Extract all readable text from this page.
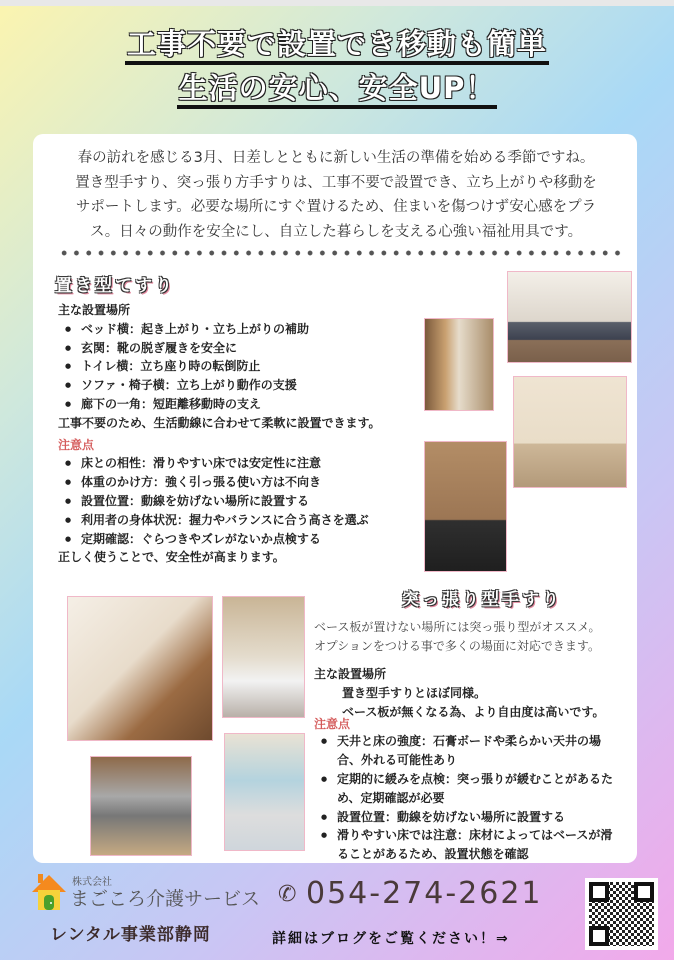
工事不要で設置でき移動も簡単
生活の安心、安全UP！
春の訪れを感じる3月、日差しとともに新しい生活の準備を始める季節ですね。
置き型手すり、突っ張り方手すりは、工事不要で設置でき、立ち上がりや移動を
サポートします。必要な場所にすぐ置けるため、住まいを傷つけず安心感をプラ
ス。日々の動作を安全にし、自立した暮らしを支える心強い福祉用具です。
置き型てすり
主な設置場所
● ベッド横：起き上がり・立ち上がりの補助
● 玄関：靴の脱ぎ履きを安全に
● トイレ横：立ち座り時の転倒防止
● ソファ・椅子横：立ち上がり動作の支援
● 廊下の一角：短距離移動時の支え
工事不要のため、生活動線に合わせて柔軟に設置できます。
注意点
● 床との相性：滑りやすい床では安定性に注意
● 体重のかけ方：強く引っ張る使い方は不向き
● 設置位置：動線を妨げない場所に設置する
● 利用者の身体状況：握力やバランスに合う高さを選ぶ
● 定期確認：ぐらつきやズレがないか点検する
正しく使うことで、安全性が高まります。
突っ張り型手すり
ベース板が置けない場所には突っ張り型がオススメ。
オプションをつける事で多くの場面に対応できます。
主な設置場所
置き型手すりとほぼ同様。
ベース板が無くなる為、より自由度は高いです。
注意点
● 天井と床の強度：石膏ボードや柔らかい天井の場合、外れる可能性あり
● 定期的に緩みを点検：突っ張りが緩むことがあるため、定期確認が必要
● 設置位置：動線を妨げない場所に設置する
● 滑りやすい床では注意：床材によってはベースが滑ることがあるため、設置状態を確認
株式会社
まごころ介護サービス ✆ 054-274-2621
レンタル事業部静岡	詳細はブログをご覧ください！⇒
